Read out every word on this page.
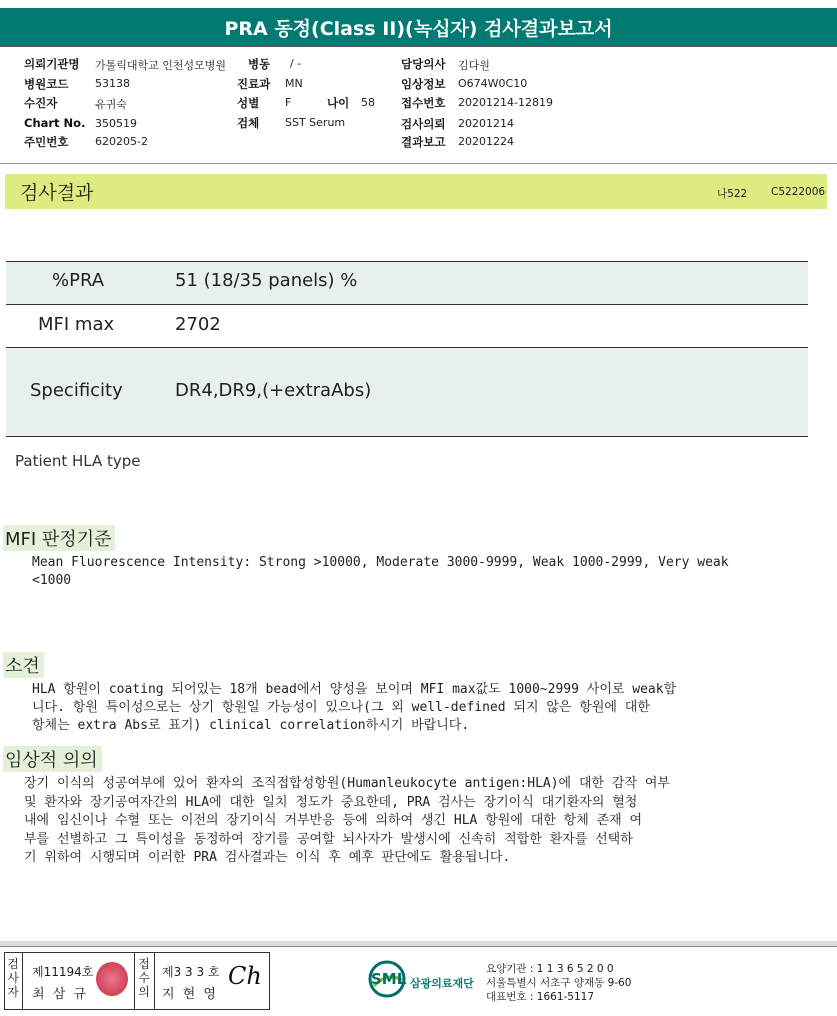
PRA 동정(Class II)(녹십자) 검사결과보고서
의뢰기관명 가톨릭대학교 인천성모병원
병원코드 53138
수진자	유귀숙
Chart No. 350519
주민번호 620205-2
병동 / -
진료과 MN
성별 F	나이 58
검체 SST Serum
담당의사 김다원
임상정보 O674W0C10
접수번호 20201214-12819
검사의뢰 20201214
결과보고 20201224
검사결과	나522 C5222006
%PRA	51 (18/35 panels) %
MFI max	2702
Specificity	DR4,DR9,(+extraAbs)
Patient HLA type
MFI 판정기준
Mean Fluorescence Intensity: Strong >10000, Moderate 3000-9999, Weak 1000-2999, Very weak
<1000
소견
HLA 항원이 coating 되어있는 18개 bead에서 양성을 보이며 MFI max값도 1000~2999 사이로 weak합
니다. 항원 특이성으로는 상기 항원일 가능성이 있으나(그 외 well-defined 되지 않은 항원에 대한
항체는 extra Abs로 표기) clinical correlation하시기 바랍니다.
임상적 의의
장기 이식의 성공여부에 있어 환자의 조직접합성항원(Humanleukocyte antigen:HLA)에 대한 감작 여부
및 환자와 장기공여자간의 HLA에 대한 일치 정도가 중요한데, PRA 검사는 장기이식 대기환자의 혈청
내에 임신이나 수혈 또는 이전의 장기이식 거부반응 등에 의하여 생긴 HLA 항원에 대한 항체 존재 여
부를 선별하고 그 특이성을 동정하여 장기를 공여할 뇌사자가 발생시에 신속히 적합한 환자를 선택하
기 위하여 시행되며 이러한 PRA 검사결과는 이식 후 예후 판단에도 활용됩니다.
검사자
제11194호
최 삼 규
접수의
제3 3 3 호
지 현 영
Ch	SML 삼광의료재단
요양기관 : 1 1 3 6 5 2 0 0
서울특별시 서초구 양재동 9-60
대표번호 : 1661-5117
